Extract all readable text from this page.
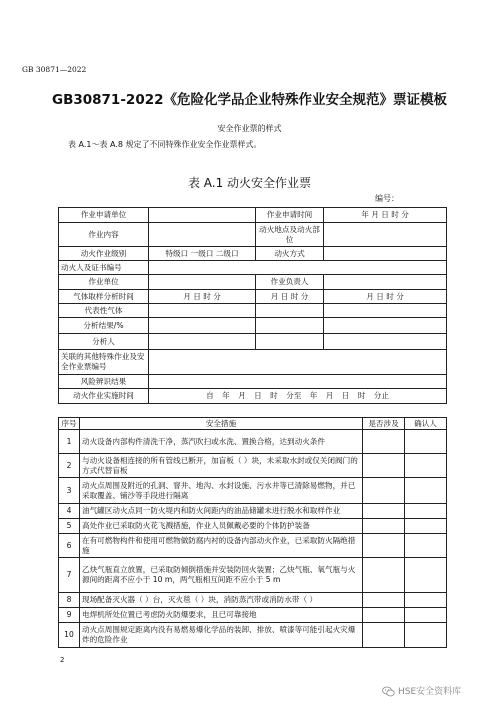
GB 30871—2022
GB30871-2022《危险化学品企业特殊作业安全规范》票证模板
安全作业票的样式
表 A.1～表 A.8 规定了不同特殊作业安全作业票样式。
表 A.1 动火安全作业票
编号：
作业申请单位		作业申请时间	年 月 日 时 分
作业内容		动火地点及动火部位	
动火作业级别	特级口 一级口 二级口	动火方式	
动火人及证书编号			
作业单位		作业负责人	
气体取样分析时间	月 日 时 分	月 日 时 分	月 日 时 分
代表性气体			
分析结果/%			
分析人			
关联的其他特殊作业及安全作业票编号			
风险辨识结果			
动火作业实施时间	自 年 月 日 时 分至 年 月 日 时 分止		
序号	安全措施	是否涉及	确认人
1	动火设备内部构件清洗干净，蒸汽吹扫或水洗、置换合格，达到动火条件		
2	与动火设备相连接的所有管线已断开，加盲板（ ）块，未采取水封或仅关闭阀门的方式代替盲板		
3	动火点周围及附近的孔洞、窨井、地沟、水封设施、污水井等已清除易燃物，并已采取覆盖、铺沙等手段进行隔离		
4	油气罐区动火点同一防火堤内和防火间距内的油品储罐未进行脱水和取样作业		
5	高处作业已采取防火花飞溅措施，作业人员佩戴必要的个体防护装备		
6	在有可燃物构件和使用可燃物做防腐内衬的设备内部动火作业，已采取防火隔绝措施		
7	乙炔气瓶直立放置，已采取防倾倒措施并安装防回火装置；乙炔气瓶、氧气瓶与火源间的距离不应小于 10 m，两气瓶相互间距不应小于 5 m		
8	现场配备灭火器（ ）台，灭火毯（ ）块，消防蒸汽带或消防水带（ ）		
9	电焊机所处位置已考虑防火防爆要求，且已可靠接地		
10	动火点周围规定距离内没有易燃易爆化学品的装卸、排放、喷漆等可能引起火灾爆炸的危险作业		
2
HSE安全资料库
